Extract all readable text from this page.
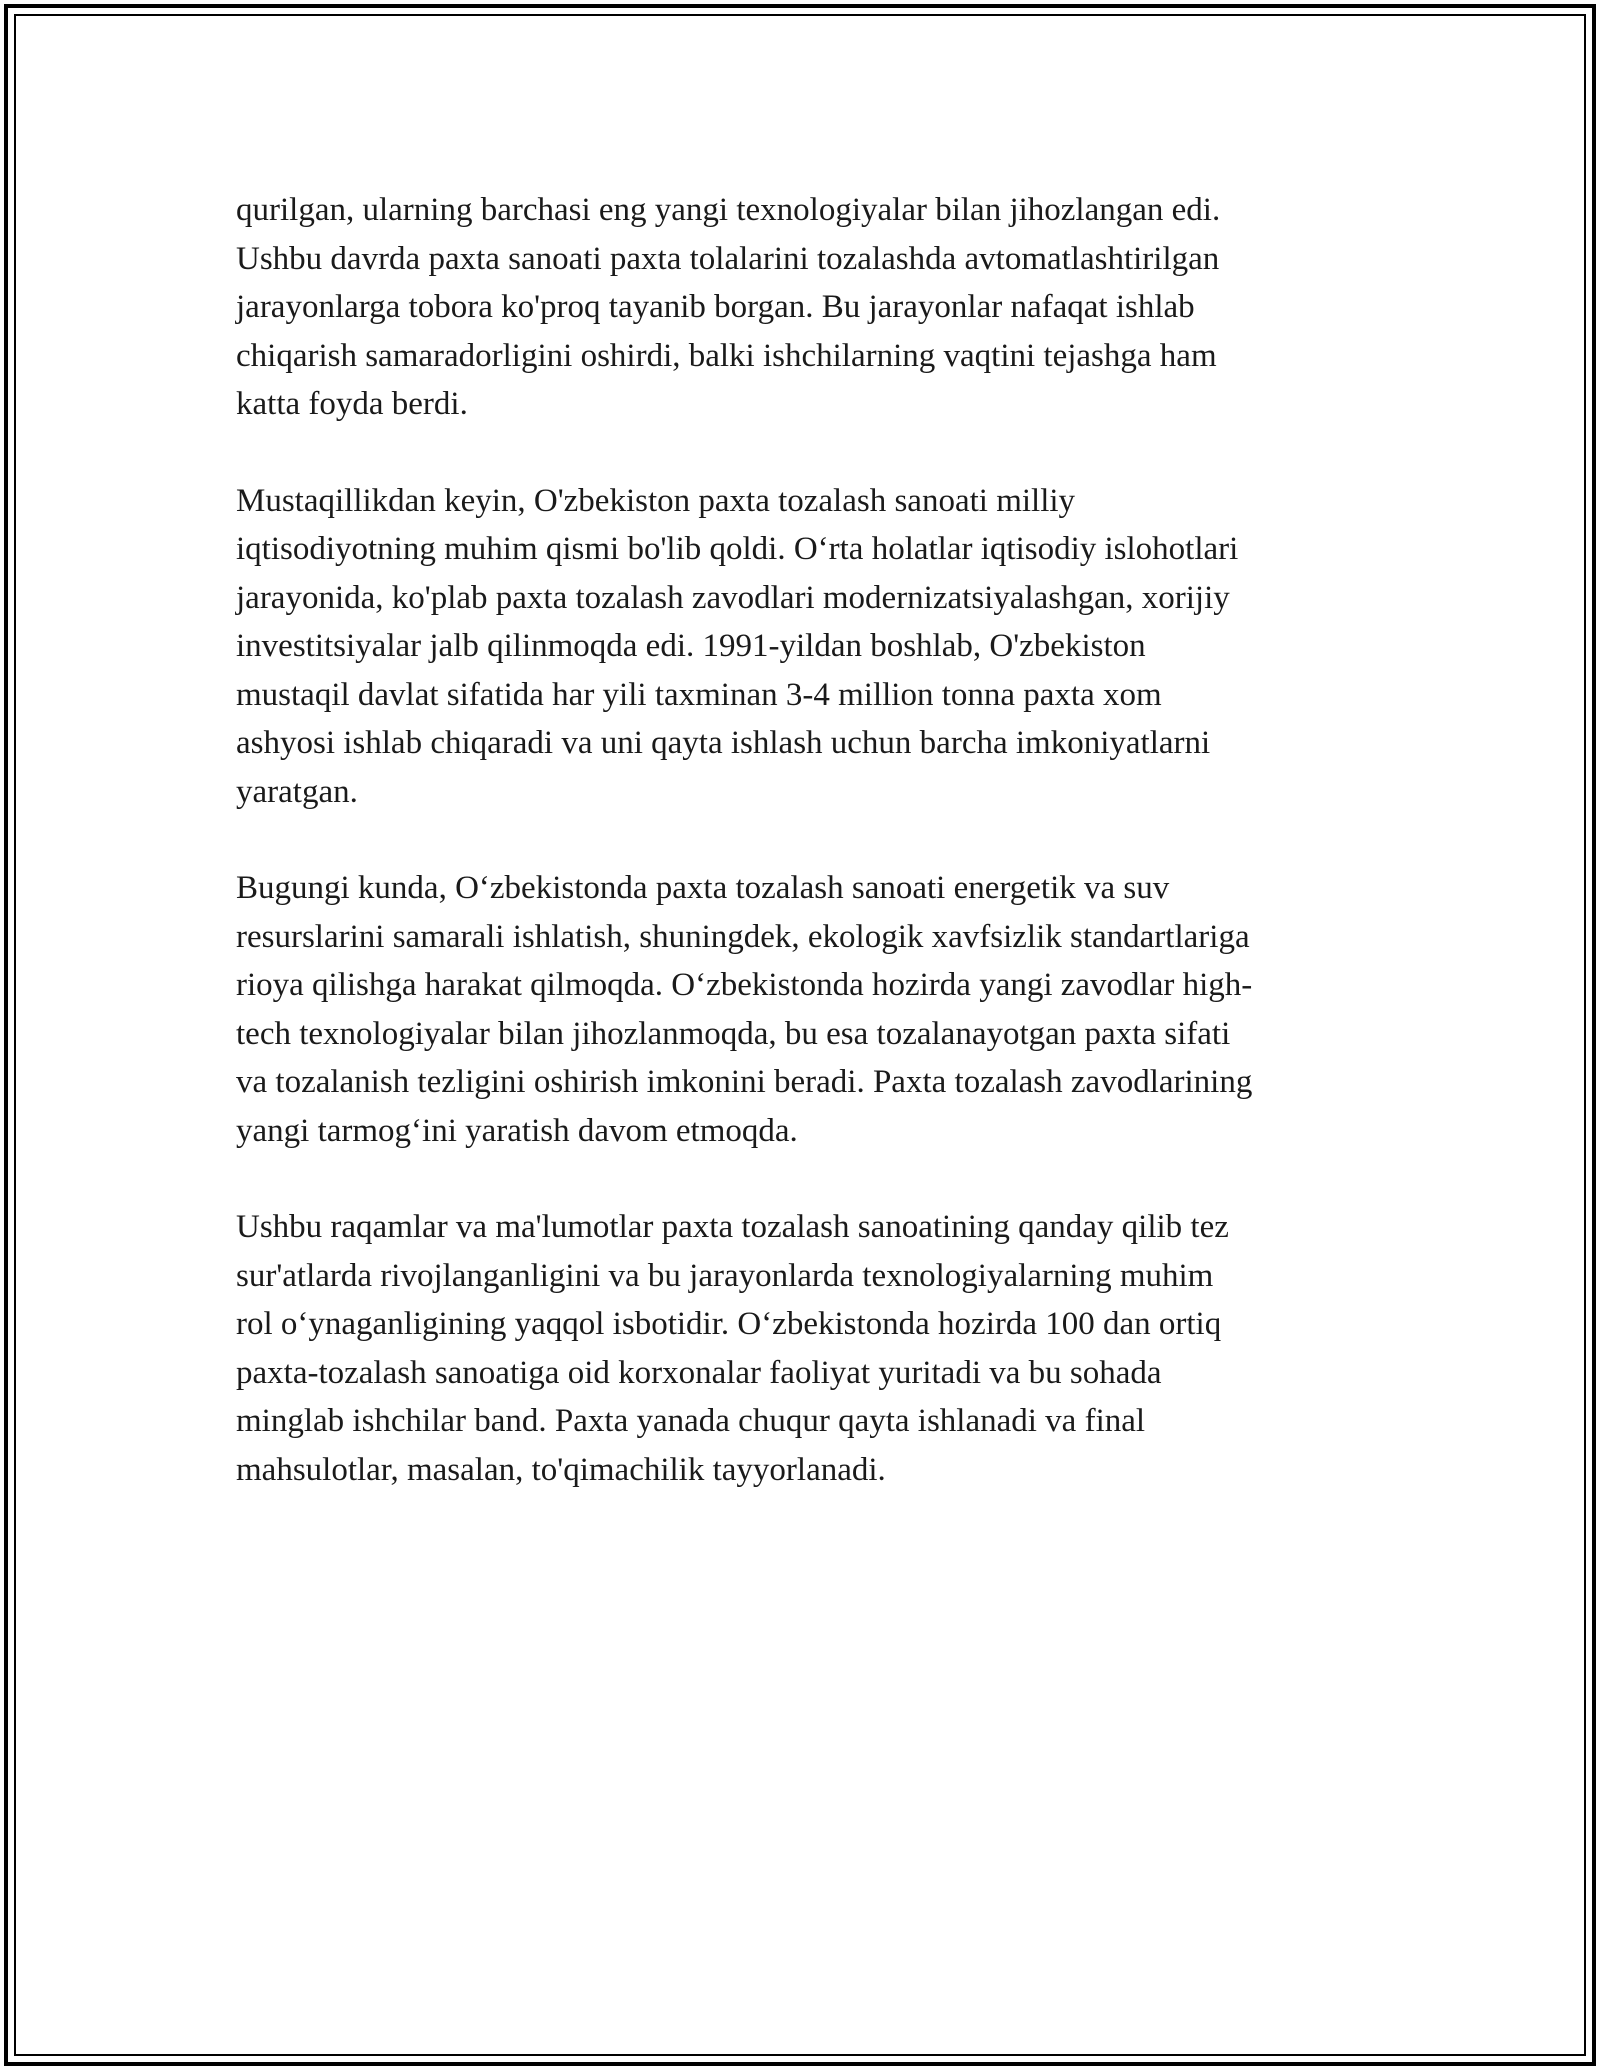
qurilgan, ularning barchasi eng yangi texnologiyalar bilan jihozlangan edi.
Ushbu davrda paxta sanoati paxta tolalarini tozalashda avtomatlashtirilgan
jarayonlarga tobora ko'proq tayanib borgan. Bu jarayonlar nafaqat ishlab
chiqarish samaradorligini oshirdi, balki ishchilarning vaqtini tejashga ham
katta foyda berdi.

Mustaqillikdan keyin, O'zbekiston paxta tozalash sanoati milliy
iqtisodiyotning muhim qismi bo'lib qoldi. O‘rta holatlar iqtisodiy islohotlari
jarayonida, ko'plab paxta tozalash zavodlari modernizatsiyalashgan, xorijiy
investitsiyalar jalb qilinmoqda edi. 1991-yildan boshlab, O'zbekiston
mustaqil davlat sifatida har yili taxminan 3-4 million tonna paxta xom
ashyosi ishlab chiqaradi va uni qayta ishlash uchun barcha imkoniyatlarni
yaratgan.

Bugungi kunda, O‘zbekistonda paxta tozalash sanoati energetik va suv
resurslarini samarali ishlatish, shuningdek, ekologik xavfsizlik standartlariga
rioya qilishga harakat qilmoqda. O‘zbekistonda hozirda yangi zavodlar high-
tech texnologiyalar bilan jihozlanmoqda, bu esa tozalanayotgan paxta sifati
va tozalanish tezligini oshirish imkonini beradi. Paxta tozalash zavodlarining
yangi tarmog‘ini yaratish davom etmoqda.

Ushbu raqamlar va ma'lumotlar paxta tozalash sanoatining qanday qilib tez
sur'atlarda rivojlanganligini va bu jarayonlarda texnologiyalarning muhim
rol o‘ynaganligining yaqqol isbotidir. O‘zbekistonda hozirda 100 dan ortiq
paxta-tozalash sanoatiga oid korxonalar faoliyat yuritadi va bu sohada
minglab ishchilar band. Paxta yanada chuqur qayta ishlanadi va final
mahsulotlar, masalan, to'qimachilik tayyorlanadi.
